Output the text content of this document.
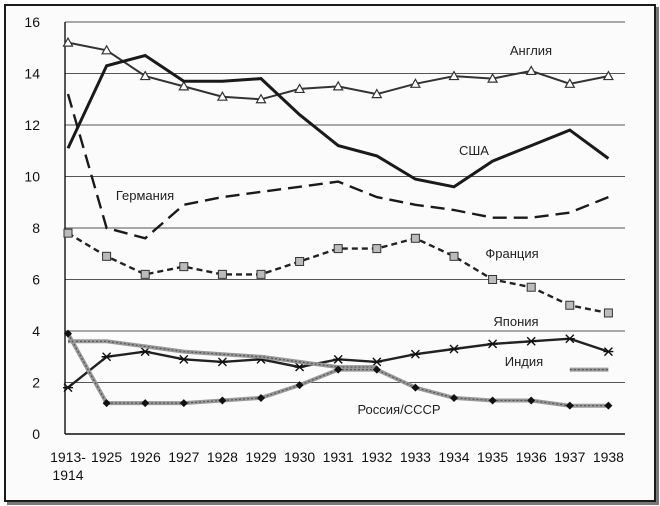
0
2
4
6
8
10
12
14
16
1913-1914
1925 1926 1927 1928 1929 1930 1931 1932 1933 1934 1935 1936 1937 1938
Англия
США
Германия
Франция
Япония
Индия
Россия/СССР
